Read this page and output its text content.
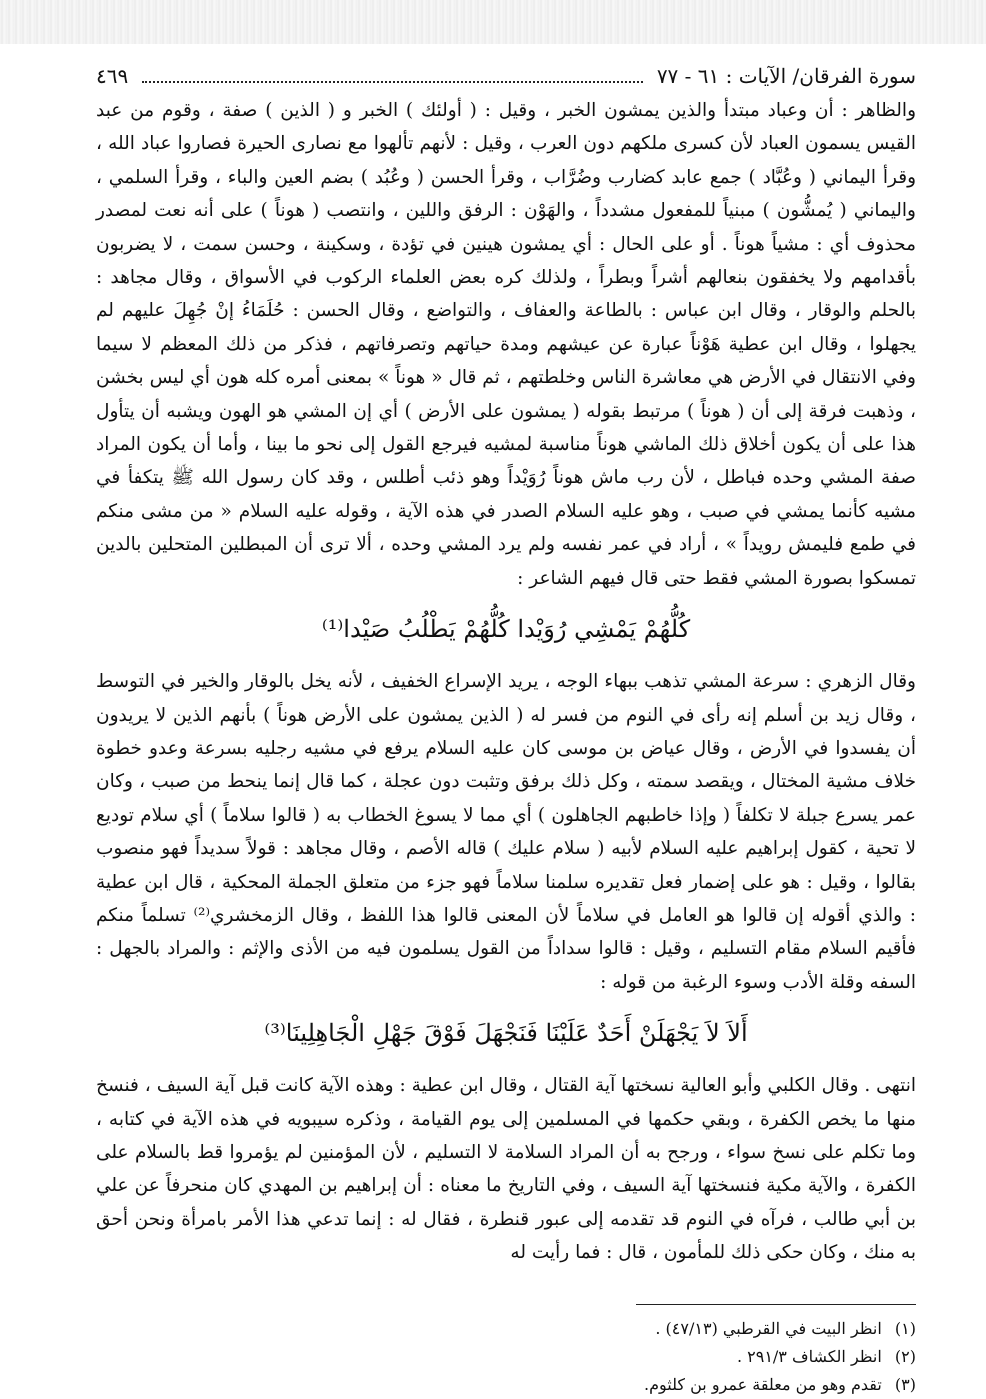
سورة الفرقان/ الآيات : ٦١ - ٧٧
٤٦٩

والظاهر : أن وعباد مبتدأ والذين يمشون الخبر ، وقيل : ( أولئك ) الخبر و ( الذين ) صفة ، وقوم من عبد القيس يسمون العباد لأن كسرى ملكهم دون العرب ، وقيل : لأنهم تألهوا مع نصارى الحيرة فصاروا عباد الله ، وقرأ اليماني ( وعُبَّاد ) جمع عابد كضارب وضُرَّاب ، وقرأ الحسن ( وعُبُد ) بضم العين والباء ، وقرأ السلمي ، واليماني ( يُمشُّون ) مبنياً للمفعول مشدداً ، والهَوْن : الرفق واللين ، وانتصب ( هوناً ) على أنه نعت لمصدر محذوف أي : مشياً هوناً . أو على الحال : أي يمشون هينين في تؤدة ، وسكينة ، وحسن سمت ، لا يضربون بأقدامهم ولا يخفقون بنعالهم أشراً وبطراً ، ولذلك كره بعض العلماء الركوب في الأسواق ، وقال مجاهد : بالحلم والوقار ، وقال ابن عباس : بالطاعة والعفاف ، والتواضع ، وقال الحسن : حُلَمَاءُ إنْ جُهِلَ عليهم لم يجهلوا ، وقال ابن عطية هَوْناً عبارة عن عيشهم ومدة حياتهم وتصرفاتهم ، فذكر من ذلك المعظم لا سيما وفي الانتقال في الأرض هي معاشرة الناس وخلطتهم ، ثم قال « هوناً » بمعنى أمره كله هون أي ليس بخشن ، وذهبت فرقة إلى أن ( هوناً ) مرتبط بقوله ( يمشون على الأرض ) أي إن المشي هو الهون ويشبه أن يتأول هذا على أن يكون أخلاق ذلك الماشي هوناً مناسبة لمشيه فيرجع القول إلى نحو ما بينا ، وأما أن يكون المراد صفة المشي وحده فباطل ، لأن رب ماش هوناً رُوَيْداً وهو ذئب أطلس ، وقد كان رسول الله ﷺ يتكفأ في مشيه كأنما يمشي في صبب ، وهو عليه السلام الصدر في هذه الآية ، وقوله عليه السلام « من مشى منكم في طمع فليمش رويداً » ، أراد في عمر نفسه ولم يرد المشي وحده ، ألا ترى أن المبطلين المتحلين بالدين تمسكوا بصورة المشي فقط حتى قال فيهم الشاعر :

كُلُّهُمْ يَمْشِي رُوَيْدا كُلُّهُمْ يَطْلُبُ صَيْدا⁽¹⁾

وقال الزهري : سرعة المشي تذهب ببهاء الوجه ، يريد الإسراع الخفيف ، لأنه يخل بالوقار والخير في التوسط ، وقال زيد بن أسلم إنه رأى في النوم من فسر له ( الذين يمشون على الأرض هوناً ) بأنهم الذين لا يريدون أن يفسدوا في الأرض ، وقال عياض بن موسى كان عليه السلام يرفع في مشيه رجليه بسرعة وعدو خطوة خلاف مشية المختال ، ويقصد سمته ، وكل ذلك برفق وتثبت دون عجلة ، كما قال إنما ينحط من صبب ، وكان عمر يسرع جبلة لا تكلفاً ( وإذا خاطبهم الجاهلون ) أي مما لا يسوغ الخطاب به ( قالوا سلاماً ) أي سلام توديع لا تحية ، كقول إبراهيم عليه السلام لأبيه ( سلام عليك ) قاله الأصم ، وقال مجاهد : قولاً سديداً فهو منصوب بقالوا ، وقيل : هو على إضمار فعل تقديره سلمنا سلاماً فهو جزء من متعلق الجملة المحكية ، قال ابن عطية : والذي أقوله إن قالوا هو العامل في سلاماً لأن المعنى قالوا هذا اللفظ ، وقال الزمخشري⁽²⁾ تسلماً منكم فأقيم السلام مقام التسليم ، وقيل : قالوا سداداً من القول يسلمون فيه من الأذى والإثم : والمراد بالجهل : السفه وقلة الأدب وسوء الرغبة من قوله :

أَلاَ لاَ يَجْهَلَنْ أَحَدٌ عَلَيْنَا فَنَجْهَلَ فَوْقَ جَهْلِ الْجَاهِلِينَا⁽³⁾

انتهى . وقال الكلبي وأبو العالية نسختها آية القتال ، وقال ابن عطية : وهذه الآية كانت قبل آية السيف ، فنسخ منها ما يخص الكفرة ، وبقي حكمها في المسلمين إلى يوم القيامة ، وذكره سيبويه في هذه الآية في كتابه ، وما تكلم على نسخ سواء ، ورجح به أن المراد السلامة لا التسليم ، لأن المؤمنين لم يؤمروا قط بالسلام على الكفرة ، والآية مكية فنسختها آية السيف ، وفي التاريخ ما معناه : أن إبراهيم بن المهدي كان منحرفاً عن علي بن أبي طالب ، فرآه في النوم قد تقدمه إلى عبور قنطرة ، فقال له : إنما تدعي هذا الأمر بامرأة ونحن أحق به منك ، وكان حكى ذلك للمأمون ، قال : فما رأيت له

(١) انظر البيت في القرطبي (٤٧/١٣) .
(٢) انظر الكشاف ٢٩١/٣ .
(٣) تقدم وهو من معلقة عمرو بن كلثوم.
